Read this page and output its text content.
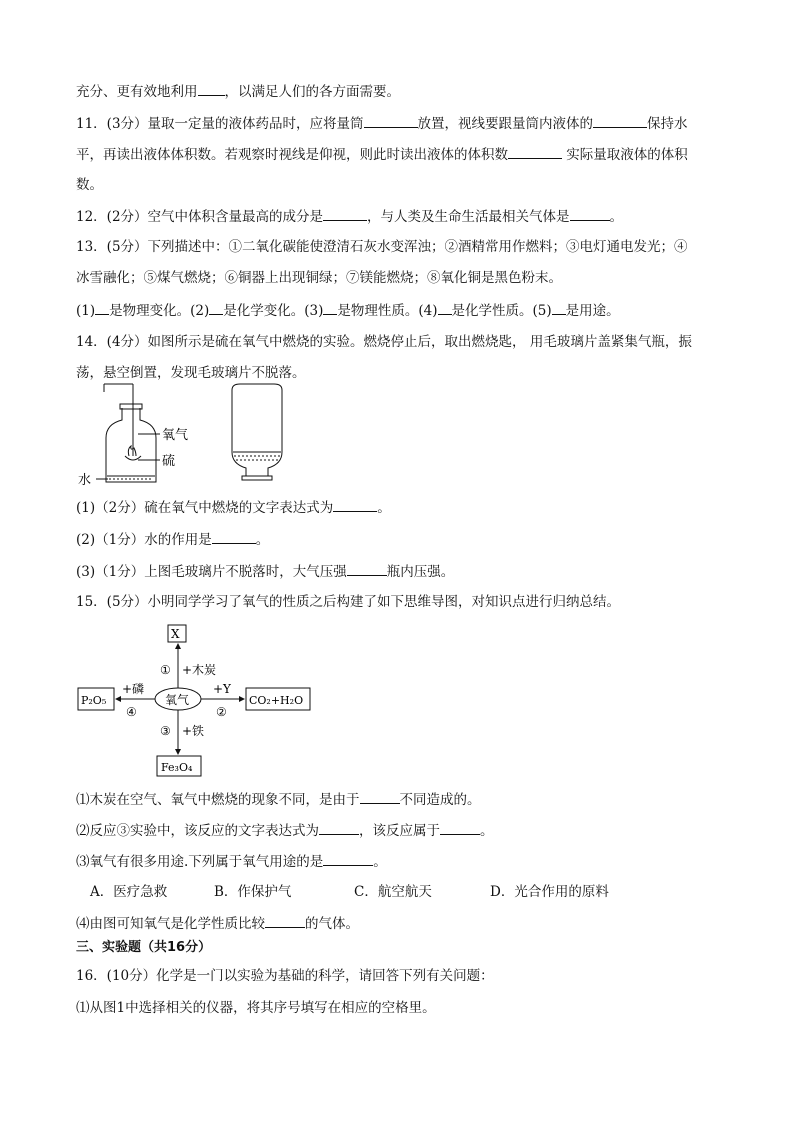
充分、更有效地利用 ，以满足人们的各方面需要。
11．(3分）量取一定量的液体药品时，应将量筒	放置，视线要跟量筒内液体的	保持水
平，再读出液体体积数。若观察时视线是仰视，则此时读出液体的体积数	实际量取液体的体积
数。
12．(2分）空气中体积含量最高的成分是	，与人类及生命生活最相关气体是	。
13．(5分）下列描述中：①二氧化碳能使澄清石灰水变浑浊；②酒精常用作燃料；③电灯通电发光；④
冰雪融化；⑤煤气燃烧；⑥铜器上出现铜绿；⑦镁能燃烧；⑧氧化铜是黑色粉末。
(1) 是物理变化。(2) 是化学变化。(3) 是物理性质。(4) 是化学性质。(5) 是用途。
14．(4分）如图所示是硫在氧气中燃烧的实验。燃烧停止后，取出燃烧匙， 用毛玻璃片盖紧集气瓶，振
荡，悬空倒置，发现毛玻璃片不脱落。
氧气
硫
水
(1)（2分）硫在氧气中燃烧的文字表达式为	。
(2)（1分）水的作用是	。
(3)（1分）上图毛玻璃片不脱落时，大气压强	瓶内压强。
15．(5分）小明同学学习了氧气的性质之后构建了如下思维导图，对知识点进行归纳总结。
X
P₂O₅	CO₂+H₂O
Fe₃O₄
氧气
① +木炭
+磷
④
+Y
②
③ +铁
⑴木炭在空气、氧气中燃烧的现象不同，是由于	不同造成的。
⑵反应③实验中，该反应的文字表达式为	，该反应属于	。
⑶氧气有很多用途.下列属于氧气用途的是	。
A．医疗急救	B．作保护气	C．航空航天	D．光合作用的原料
⑷由图可知氧气是化学性质比较	的气体。
三、实验题（共16分）
16．(10分）化学是一门以实验为基础的科学，请回答下列有关问题：
⑴从图1中选择相关的仪器，将其序号填写在相应的空格里。
